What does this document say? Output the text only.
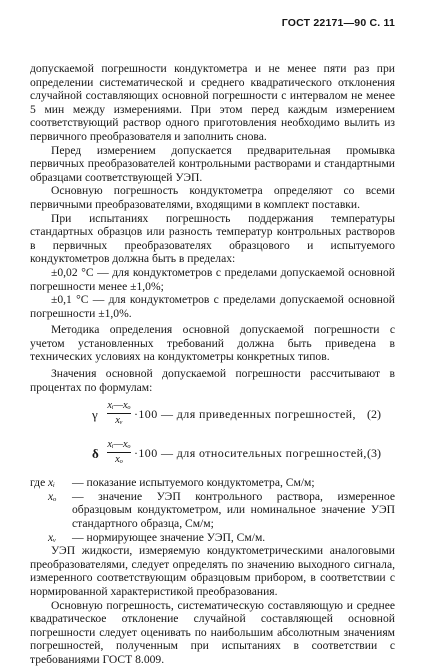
ГОСТ 22171—90 С. 11

допускаемой погрешности кондуктометра и не менее пяти раз при определении систематической и среднего квадратического отклонения случайной составляющих основной погрешности с интервалом не менее 5 мин между измерениями. При этом перед каждым измерением соответствующий раствор одного приготовления необходимо вылить из первичного преобразователя и заполнить снова.

Перед измерением допускается предварительная промывка первичных преобразователей контрольными растворами и стандартными образцами соответствующей УЭП.

Основную погрешность кондуктометра определяют со всеми первичными преобразователями, входящими в комплект поставки.

При испытаниях погрешность поддержания температуры стандартных образцов или разность температур контрольных растворов в первичных преобразователях образцового и испытуемого кондуктометров должна быть в пределах:

±0,02 °С — для кондуктометров с пределами допускаемой основной погрешности менее ±1,0%;

±0,1 °С — для кондуктометров с пределами допускаемой основной погрешности ±1,0%.

Методика определения основной допускаемой погрешности с учетом установленных требований должна быть приведена в технических условиях на кондуктометры конкретных типов.

Значения основной допускаемой погрешности рассчитывают в процентах по формулам:

γ $\frac{\text{xᵢ—xₒ}}{\text{xᵥ}} \cdot 100$ — для приведенных погрешностей, (2)
δ $\frac{\text{xᵢ—xₒ}}{\text{xₒ}} \cdot 100$ — для относительных погрешностей, (3)
где xᵢ — показание испытуемого кондуктометра, См/м;
xₒ — значение УЭП контрольного раствора, измеренное образцовым кондуктометром, или номинальное значение УЭП стандартного образца, См/м;
xᵥ — нормирующее значение УЭП, См/м.

УЭП жидкости, измеряемую кондуктометрическими аналоговыми преобразователями, следует определять по значению выходного сигнала, измеренного соответствующим образцовым прибором, в соответствии с нормированной характеристикой преобразования.

Основную погрешность, систематическую составляющую и среднее квадратическое отклонение случайной составляющей основной погрешности следует оценивать по наибольшим абсолютным значениям погрешностей, полученным при испытаниях в соответствии с требованиями ГОСТ 8.009.
